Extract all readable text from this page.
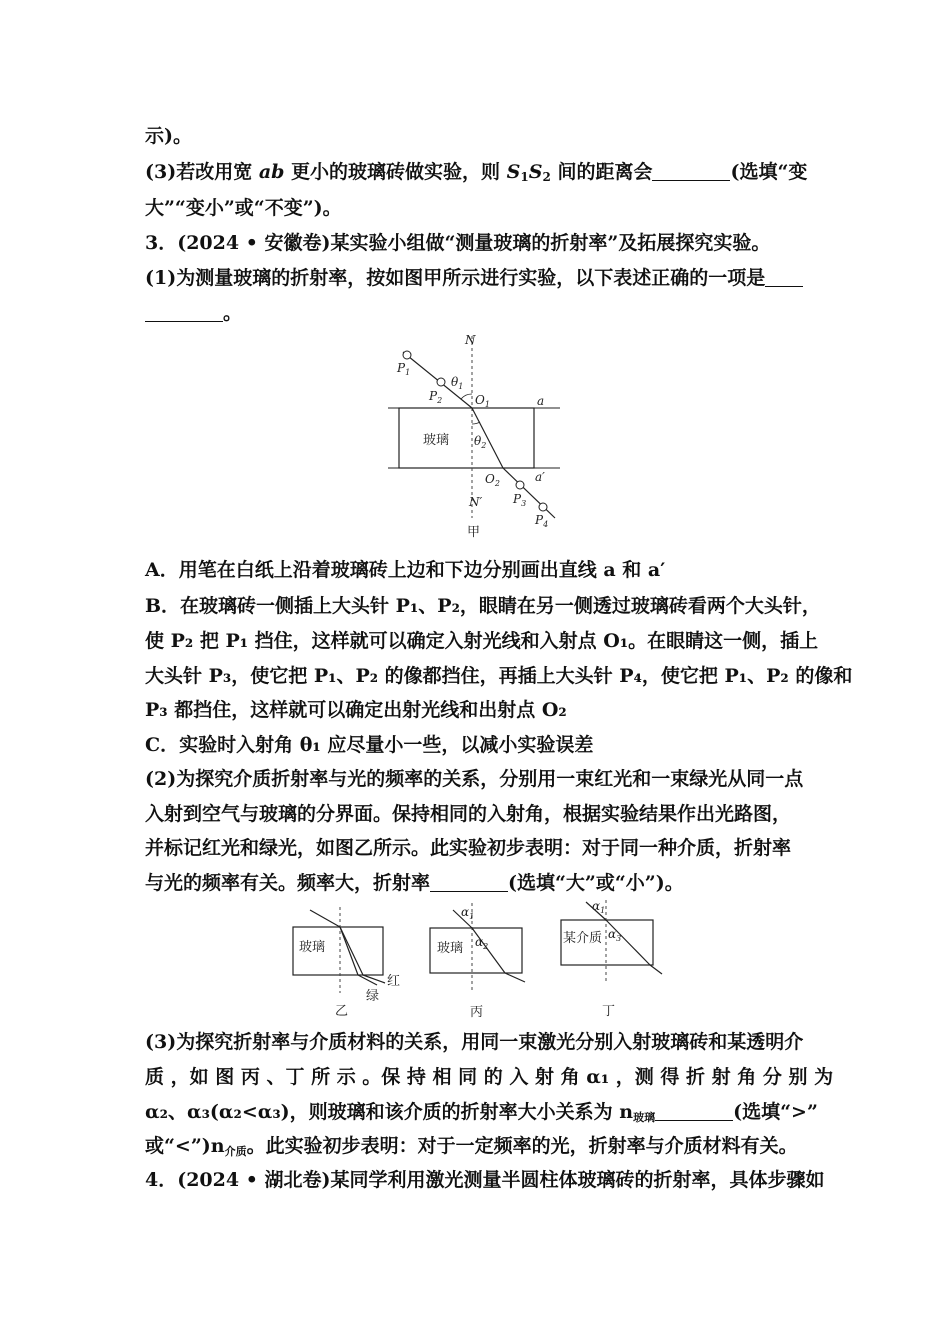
示)。
(3)若改用宽 ab 更小的玻璃砖做实验，则 $S_1S_2$ 间的距离会	(选填“变
大”“变小”或“不变”)。
3．(2024 • 安徽卷)某实验小组做“测量玻璃的折射率”及拓展探究实验。
(1)为测量玻璃的折射率，按如图甲所示进行实验，以下表述正确的一项是
。
N
N′
a
a′
$P_1$
$P_2$
$P_3$
$P_4$
$O_1$
$O_2$
$\theta_1$
$\theta_2$
玻璃
甲
A．用笔在白纸上沿着玻璃砖上边和下边分别画出直线 a 和 a′
B．在玻璃砖一侧插上大头针 P₁、P₂，眼睛在另一侧透过玻璃砖看两个大头针，
使 P₂ 把 P₁ 挡住，这样就可以确定入射光线和入射点 O₁。在眼睛这一侧，插上
大头针 P₃，使它把 P₁、P₂ 的像都挡住，再插上大头针 P₄，使它把 P₁、P₂ 的像和
P₃ 都挡住，这样就可以确定出射光线和出射点 O₂
C．实验时入射角 θ₁ 应尽量小一些，以减小实验误差
(2)为探究介质折射率与光的频率的关系，分别用一束红光和一束绿光从同一点
入射到空气与玻璃的分界面。保持相同的入射角，根据实验结果作出光路图，
并标记红光和绿光，如图乙所示。此实验初步表明：对于同一种介质，折射率
与光的频率有关。频率大，折射率	(选填“大”或“小”)。
玻璃
红
绿
乙
$\alpha_1$
$\alpha_2$
玻璃
丙
$\alpha_1$
$\alpha_3$
某介质
丁
(3)为探究折射率与介质材料的关系，用同一束激光分别入射玻璃砖和某透明介
质 ，如 图 丙 、丁 所 示 。保 持 相 同 的 入 射 角 α₁ ，测 得 折 射 角 分 别 为
α₂、α₃(α₂<α₃)，则玻璃和该介质的折射率大小关系为 $n_{玻璃}$	(选填“>”
或“$<”)n_{介质}$。此实验初步表明：对于一定频率的光，折射率与介质材料有关。
4．(2024 • 湖北卷)某同学利用激光测量半圆柱体玻璃砖的折射率，具体步骤如
